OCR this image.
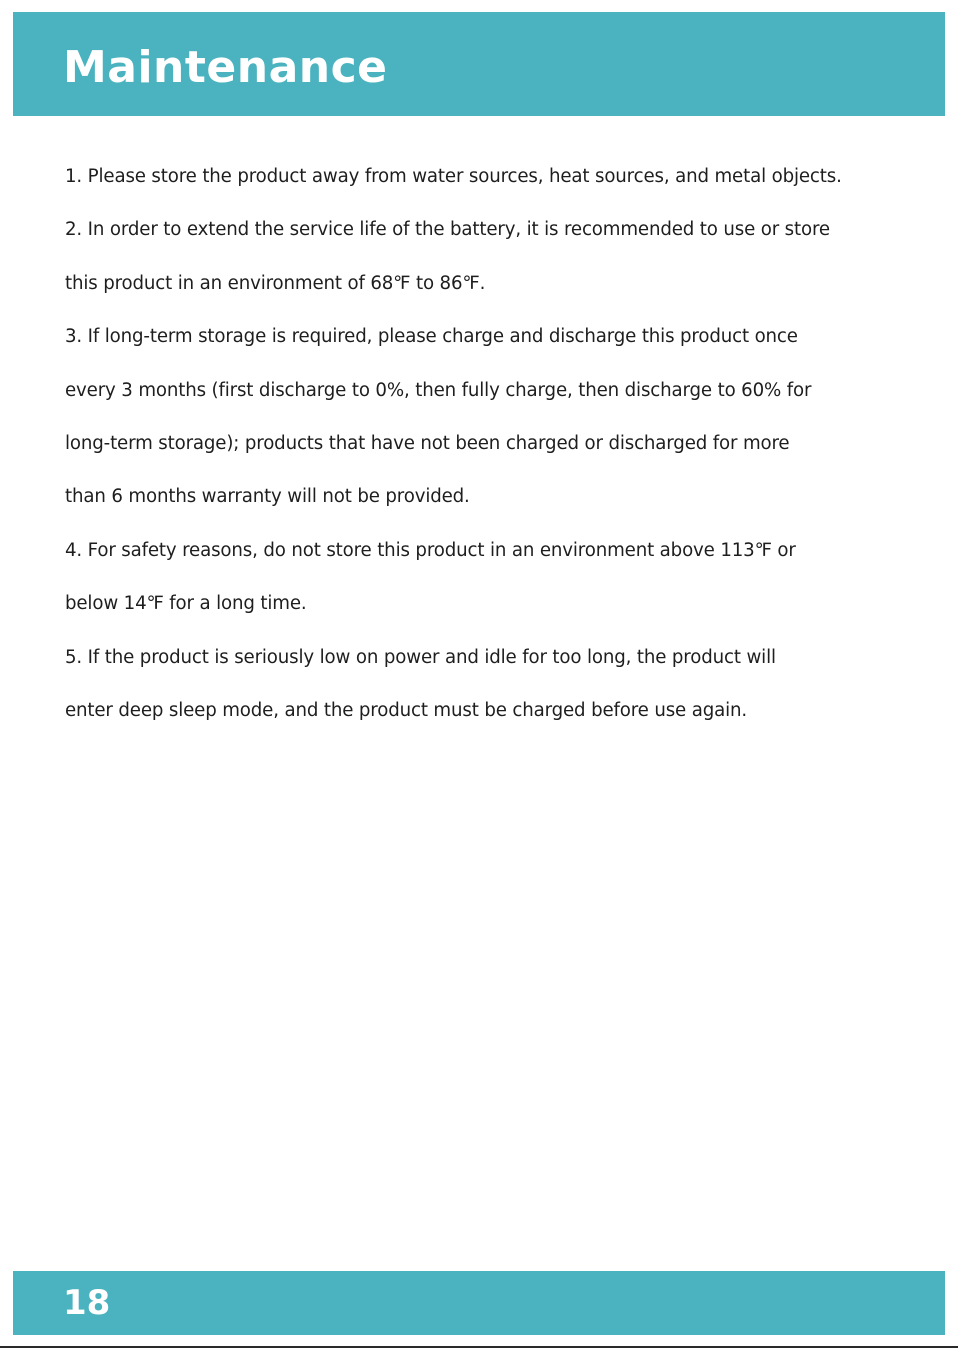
Maintenance
1. Please store the product away from water sources, heat sources, and metal objects.
2. In order to extend the service life of the battery, it is recommended to use or store
this product in an environment of 68℉ to 86℉.
3. If long-term storage is required, please charge and discharge this product once
every 3 months (first discharge to 0%, then fully charge, then discharge to 60% for
long-term storage); products that have not been charged or discharged for more
than 6 months warranty will not be provided.
4. For safety reasons, do not store this product in an environment above 113℉ or
below 14℉ for a long time.
5. If the product is seriously low on power and idle for too long, the product will
enter deep sleep mode, and the product must be charged before use again.

18
